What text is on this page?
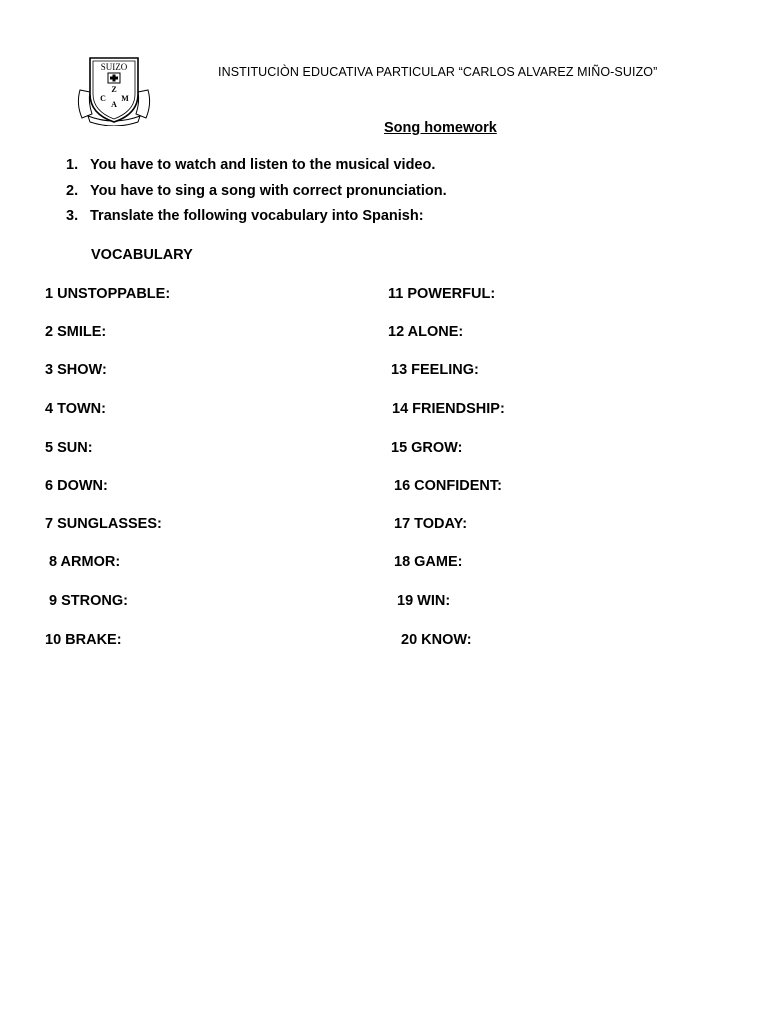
SUIZO
Z
C
A
M
INSTITUCIÒN EDUCATIVA PARTICULAR “CARLOS ALVAREZ MIÑO-SUIZO”
Song homework
1. You have to watch and listen to the musical video.
2. You have to sing a song with correct pronunciation.
3. Translate the following vocabulary into Spanish:
VOCABULARY
1 UNSTOPPABLE:
2 SMILE:
3 SHOW:
4 TOWN:
5 SUN:
6 DOWN:
7 SUNGLASSES:
8 ARMOR:
9 STRONG:
10 BRAKE:
11 POWERFUL:
12 ALONE:
13 FEELING:
14 FRIENDSHIP:
15 GROW:
16 CONFIDENT:
17 TODAY:
18 GAME:
19 WIN:
20 KNOW:
